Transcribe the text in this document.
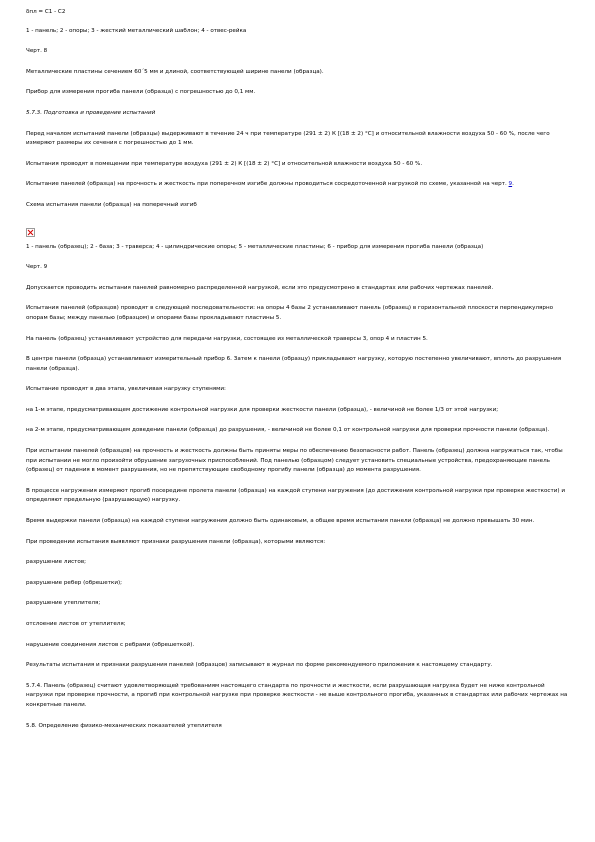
δпл = С1 - С2

1 - панель; 2 - опоры; 3 - жесткий металлический шаблон; 4 - отвес-рейка

Черт. 8

Металлические пластины сечением 60´5 мм и длиной, соответствующей ширине панели (образца).

Прибор для измерения прогиба панели (образца) с погрешностью до 0,1 мм.

5.7.3. Подготовка и проведение испытаний

Перед началом испытаний панели (образцы) выдерживают в течение 24 ч при температуре (291 ± 2) К [(18 ± 2) °С] и относительной влажности воздуха 50 - 60 %, после чего измеряют размеры их сечения с погрешностью до 1 мм.

Испытания проводят в помещении при температуре воздуха (291 ± 2) К [(18 ± 2) °С] и относительной влажности воздуха 50 - 60 %.

Испытание панелей (образца) на прочность и жесткость при поперечном изгибе должны проводиться сосредоточенной нагрузкой по схеме, указанной на черт. 9.

Схема испытания панели (образца) на поперечный изгиб

1 - панель (образец); 2 - база; 3 - траверса; 4 - цилиндрические опоры; 5 - металлические пластины; 6 - прибор для измерения прогиба панели (образца)

Черт. 9

Допускается проводить испытания панелей равномерно распределенной нагрузкой, если это предусмотрено в стандартах или рабочих чертежах панелей.

Испытания панелей (образцов) проводят в следующей последовательности: на опоры 4 базы 2 устанавливают панель (образец) в горизонтальной плоскости перпендикулярно опорам базы; между панелью (образцом) и опорами базы прокладывают пластины 5.

На панель (образец) устанавливают устройство для передачи нагрузки, состоящее из металлической траверсы 3, опор 4 и пластин 5.

В центре панели (образца) устанавливают измерительный прибор 6. Затем к панели (образцу) прикладывают нагрузку, которую постепенно увеличивают, вплоть до разрушения панели (образца).

Испытание проводят в два этапа, увеличивая нагрузку ступенями:

на 1-м этапе, предусматривающем достижение контрольной нагрузки для проверки жесткости панели (образца), - величиной не более 1/3 от этой нагрузки;

на 2-м этапе, предусматривающем доведение панели (образца) до разрушения, - величиной не более 0,1 от контрольной нагрузки для проверки прочности панели (образца).

При испытании панелей (образцов) на прочность и жесткость должны быть приняты меры по обеспечению безопасности работ. Панель (образец) должна нагружаться так, чтобы при испытании не могло произойти обрушение загрузочных приспособлений. Под панелью (образцом) следует установить специальные устройства, предохраняющие панель (образец) от падения в момент разрушения, но не препятствующие свободному прогибу панели (образца) до момента разрушения.

В процессе нагружения измеряют прогиб посередине пролета панели (образца) на каждой ступени нагружения (до достижения контрольной нагрузки при проверке жесткости) и определяют предельную (разрушающую) нагрузку.

Время выдержки панели (образца) на каждой ступени нагружения должно быть одинаковым, а общее время испытания панели (образца) не должно превышать 30 мин.

При проведении испытания выявляют признаки разрушения панели (образца), которыми являются:

разрушение листов;

разрушение ребер (обрешетки);

разрушение утеплителя;

отслоение листов от утеплителя;

нарушение соединения листов с ребрами (обрешеткой).

Результаты испытания и признаки разрушения панелей (образцов) записывают в журнал по форме рекомендуемого приложения к настоящему стандарту.

5.7.4. Панель (образец) считают удовлетворяющей требованиям настоящего стандарта по прочности и жесткости, если разрушающая нагрузка будет не ниже контрольной нагрузки при проверке прочности, а прогиб при контрольной нагрузке при проверке жесткости - не выше контрольного прогиба, указанных в стандартах или рабочих чертежах на конкретные панели.

5.8. Определение физико-механических показателей утеплителя
